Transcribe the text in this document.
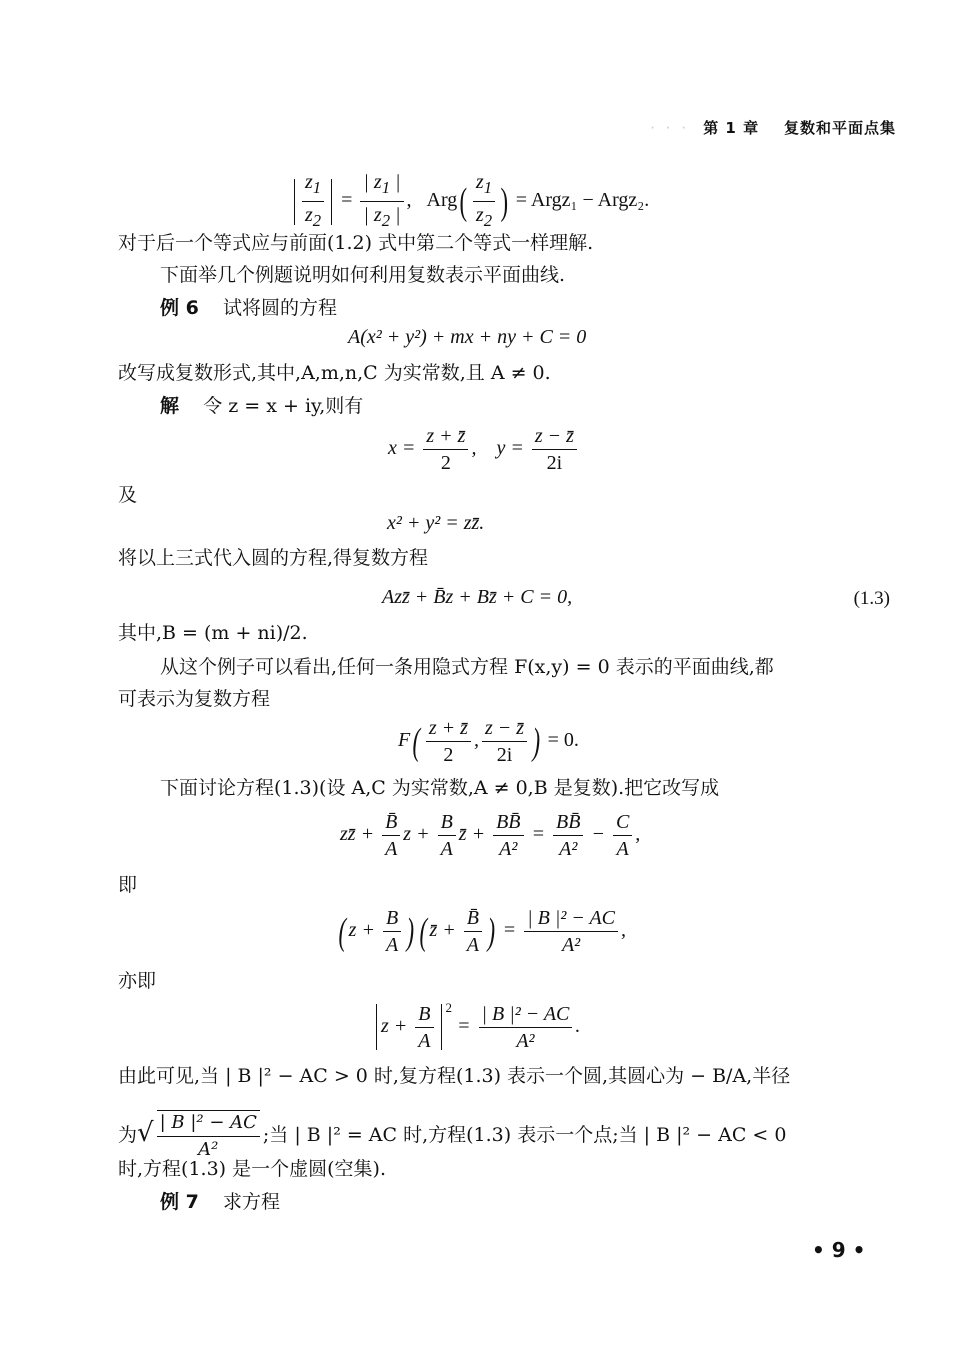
· · · 第 1 章 复数和平面点集
$\frac{z_1}{z_2} = \frac{| z_1 |}{| z_2 |}$ ,   $Arg( \frac{z_1}{z_2}$ ) = Argz₁ − Argz₂.
对于后一个等式应与前面(1.2) 式中第二个等式一样理解.
下面举几个例题说明如何利用复数表示平面曲线.
例 6 试将圆的方程
A(x² + y²) + mx + ny + C = 0
改写成复数形式,其中,A,m,n,C 为实常数,且 A ≠ 0.
解 令 z = x + iy,则有
$x = \frac{z + z̄}{2}$ ,    $y = \frac{z - z̄}{2i}$
及
x² + y² = zz̄.
将以上三式代入圆的方程,得复数方程
Azz̄ + B̄z + Bz̄ + C = 0,	(1.3)
其中,B = (m + ni)/2.
从这个例子可以看出,任何一条用隐式方程 F(x,y) = 0 表示的平面曲线,都
可表示为复数方程
$F( \frac{z + z̄}{2}$ , $\frac{z - z̄}{2i}$ ) = 0.
下面讨论方程(1.3)(设 A,C 为实常数,A ≠ 0,B 是复数).把它改写成
zz̄ + $\frac{B̄}{A}$ $z + \frac{B}{A}$ z̄ + $\frac{BB̄}{\text{A²}} = \frac{BB̄}{\text{A²}} - \frac{C}{A}$ ,
即
( $z + \frac{B}{A}$ ) ( z̄ + $\frac{B̄}{A}$ ) = $\frac{\text{| B |² − AC}}{\text{A²}}$ ,
亦即
$z + \frac{B}{A} ^2 = \frac{\text{| B |² − AC}}{\text{A²}}$ .
由此可见,当 | B |² − AC > 0 时,复方程(1.3) 表示一个圆,其圆心为 − B/A,半径
为√ $\frac{\text{| B |² − AC}}{\text{A²}}$ ;当 | B |² = AC 时,方程(1.3) 表示一个点;当 | B |² − AC < 0
时,方程(1.3) 是一个虚圆(空集).
例 7 求方程
• 9 •
